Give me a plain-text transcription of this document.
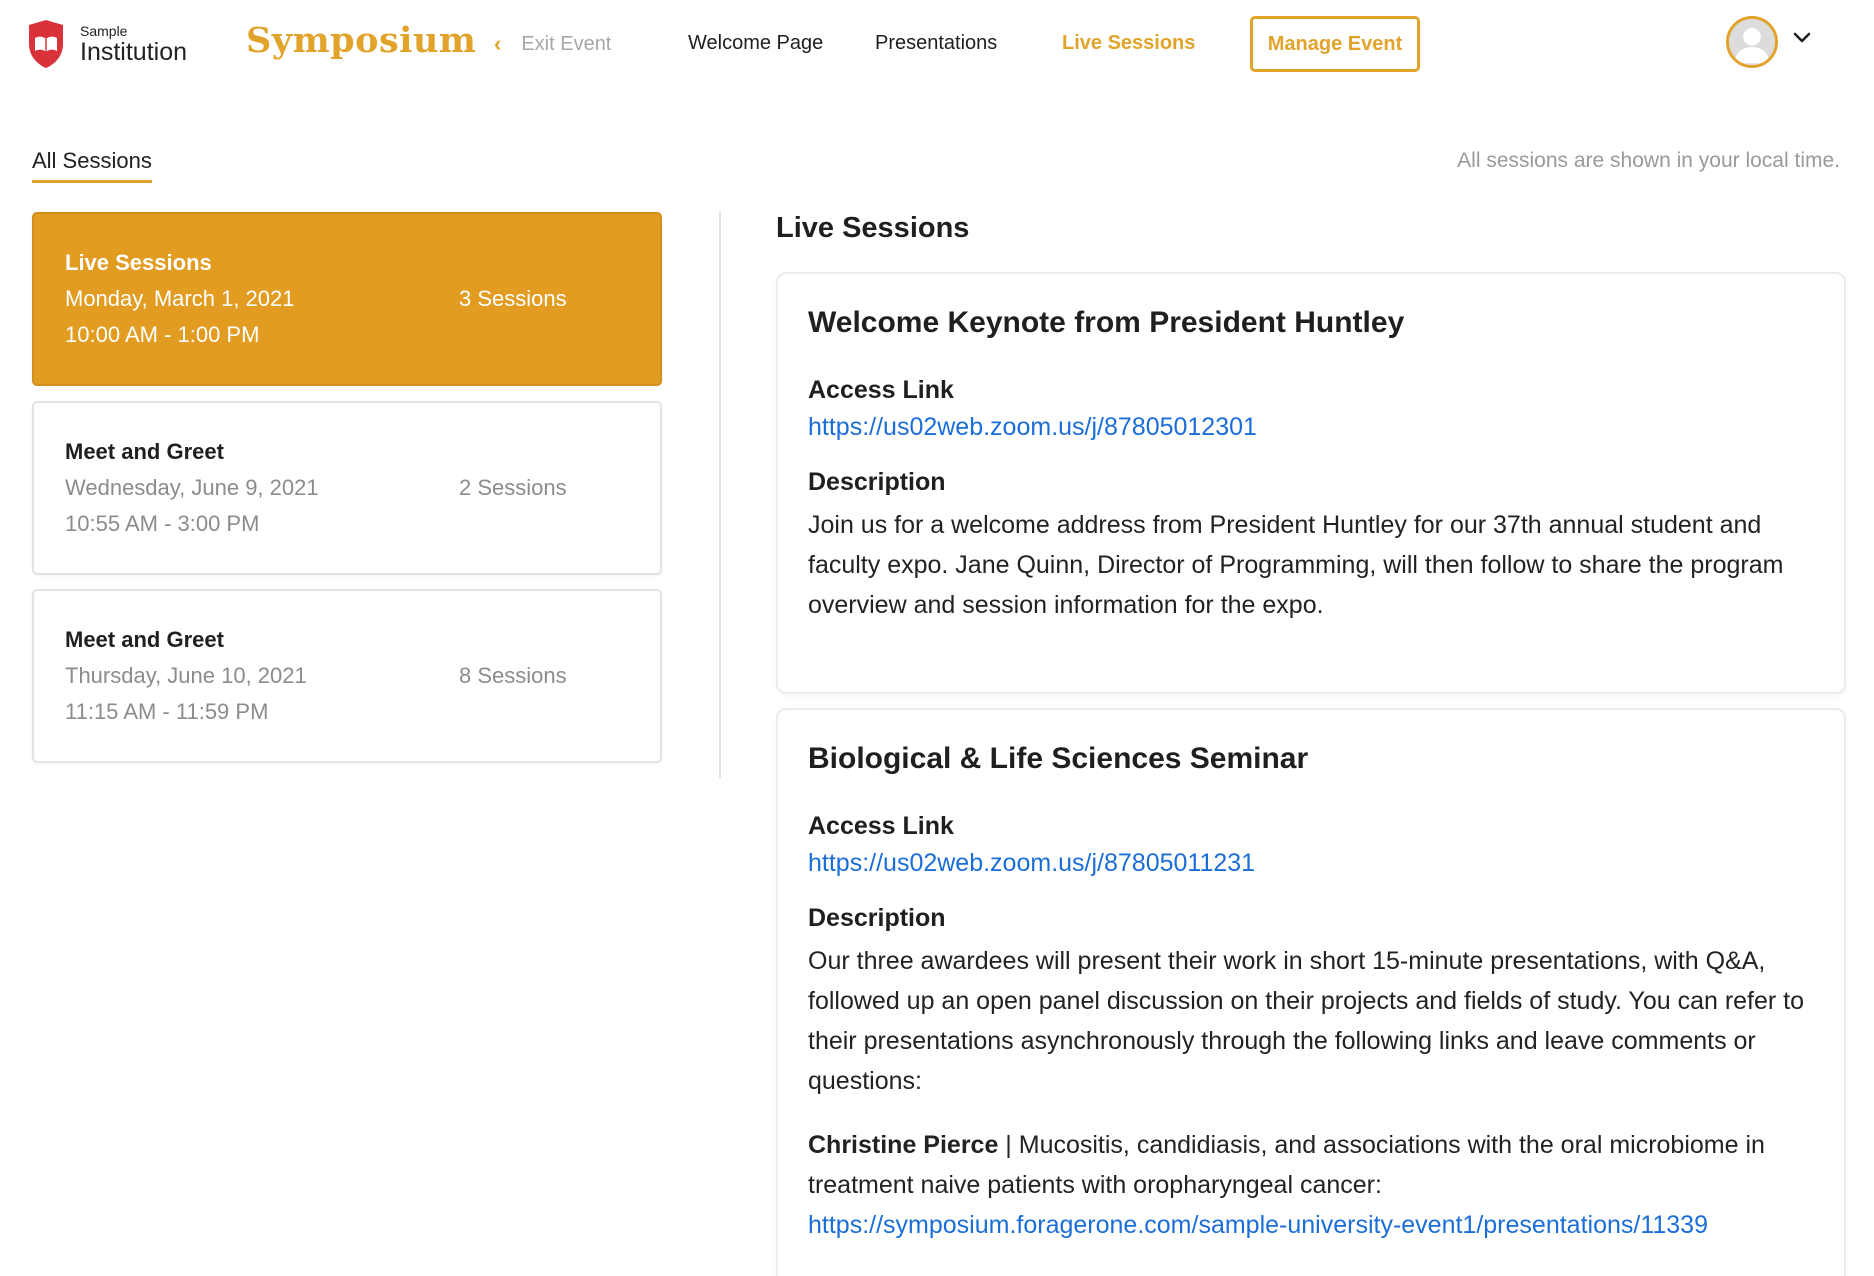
Sample
Institution Symposium ‹ Exit Event	Welcome Page	Presentations	Live Sessions	Manage Event
All Sessions	All sessions are shown in your local time.
Live Sessions
Monday, March 1, 2021
10:00 AM - 1:00 PM
3 Sessions
Meet and Greet
Wednesday, June 9, 2021
10:55 AM - 3:00 PM
2 Sessions
Meet and Greet
Thursday, June 10, 2021
11:15 AM - 11:59 PM
8 Sessions
Live Sessions
Welcome Keynote from President Huntley
Access Link
https://us02web.zoom.us/j/87805012301
Description
Join us for a welcome address from President Huntley for our 37th annual student and faculty expo. Jane Quinn, Director of Programming, will then follow to share the program overview and session information for the expo.
Biological & Life Sciences Seminar
Access Link
https://us02web.zoom.us/j/87805011231
Description
Our three awardees will present their work in short 15-minute presentations, with Q&A, followed up an open panel discussion on their projects and fields of study. You can refer to their presentations asynchronously through the following links and leave comments or questions:
Christine Pierce | Mucositis, candidiasis, and associations with the oral microbiome in treatment naive patients with oropharyngeal cancer:
https://symposium.foragerone.com/sample-university-event1/presentations/11339
